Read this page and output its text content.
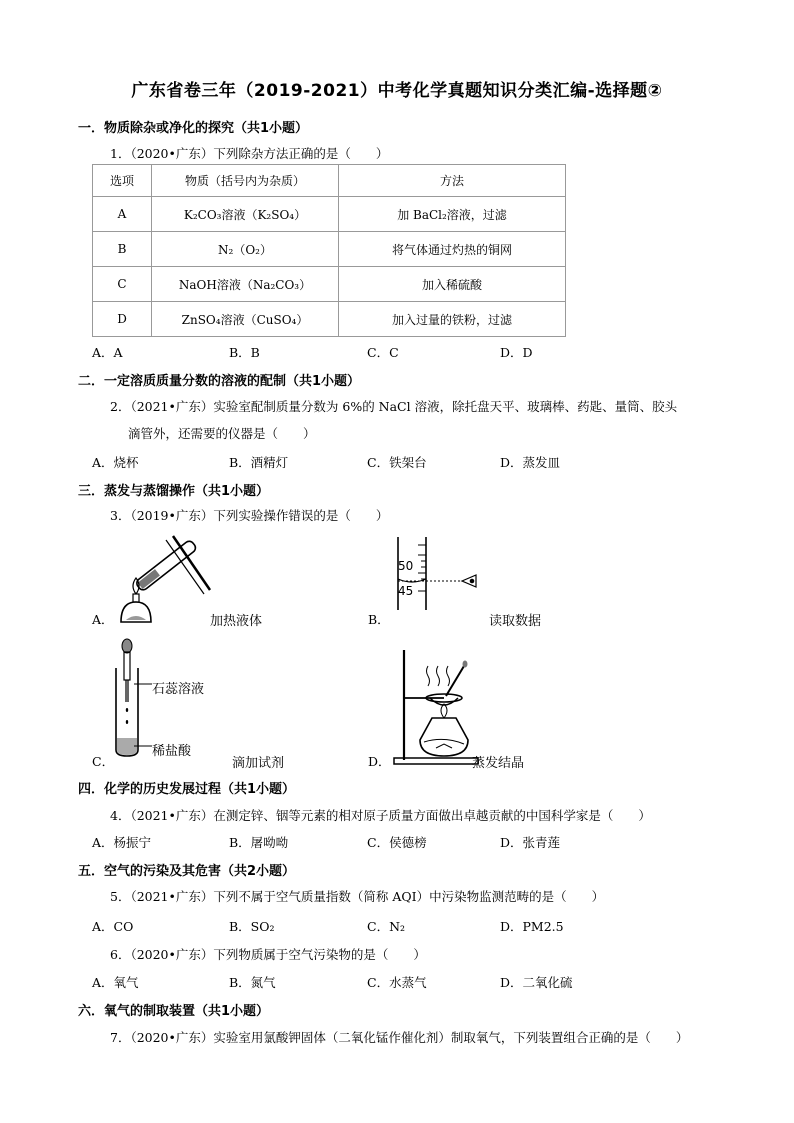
广东省卷三年（2019-2021）中考化学真题知识分类汇编-选择题②
一．物质除杂或净化的探究（共1小题）
1．（2020•广东）下列除杂方法正确的是（　　）
选项	物质（括号内为杂质）	方法
A	K₂CO₃溶液（K₂SO₄）	加 BaCl₂溶液，过滤
B	N₂（O₂）	将气体通过灼热的铜网
C	NaOH溶液（Na₂CO₃）	加入稀硫酸
D	ZnSO₄溶液（CuSO₄）	加入过量的铁粉，过滤
A．A	B．B	C．C	D．D
二．一定溶质质量分数的溶液的配制（共1小题）
2．（2021•广东）实验室配制质量分数为 6%的 NaCl 溶液，除托盘天平、玻璃棒、药匙、量筒、胶头
滴管外，还需要的仪器是（　　）
A．烧杯	B．酒精灯	C．铁架台	D．蒸发皿
三．蒸发与蒸馏操作（共1小题）
3．（2019•广东）下列实验操作错误的是（　　）
A．	加热液体
50
45
B．	读取数据
石蕊溶液
稀盐酸
C．	滴加试剂	D．	蒸发结晶
四．化学的历史发展过程（共1小题）
4．（2021•广东）在测定锌、铟等元素的相对原子质量方面做出卓越贡献的中国科学家是（　　）
A．杨振宁	B．屠呦呦	C．侯德榜	D．张青莲
五．空气的污染及其危害（共2小题）
5．（2021•广东）下列不属于空气质量指数（简称 AQI）中污染物监测范畴的是（　　）
A．CO	B．SO₂	C．N₂	D．PM2.5
6．（2020•广东）下列物质属于空气污染物的是（　　）
A．氧气	B．氮气	C．水蒸气	D．二氧化硫
六．氧气的制取装置（共1小题）
7．（2020•广东）实验室用氯酸钾固体（二氧化锰作催化剂）制取氧气，下列装置组合正确的是（　　）
